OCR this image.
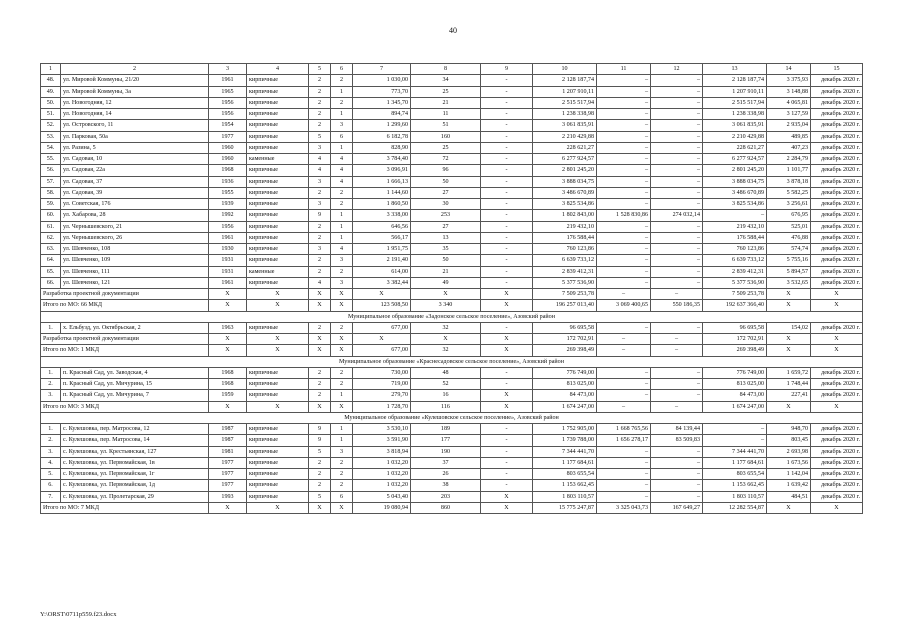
40
1	2	3	4	5	6	7	8	9	10	11	12	13	14	15
48.	ул. Мировой Коммуны, 21/20	1961	кирпичные	2	2	1 030,00	34	-	2 128 187,74	–	–	2 128 187,74	3 375,93	декабрь 2020 г.
49.	ул. Мировой Коммуны, 3а	1965	кирпичные	2	1	773,70	25	-	1 207 910,11	–	–	1 207 910,11	3 148,88	декабрь 2020 г.
50.	ул. Новогодняя, 12	1956	кирпичные	2	2	1 345,70	21	-	2 515 517,94	–	–	2 515 517,94	4 065,81	декабрь 2020 г.
51.	ул. Новогодняя, 14	1956	кирпичные	2	1	894,74	11	-	1 238 338,98	–	–	1 238 338,98	3 127,59	декабрь 2020 г.
52.	ул. Островского, 11	1954	кирпичные	2	3	1 299,60	51	-	3 061 835,91	–	–	3 061 835,91	2 935,04	декабрь 2020 г.
53.	ул. Парковая, 50а	1977	кирпичные	5	6	6 182,78	160	-	2 210 429,88	–	–	2 210 429,88	489,85	декабрь 2020 г.
54.	ул. Разина, 5	1960	кирпичные	3	1	828,90	25	-	228 621,27	–	–	228 621,27	407,23	декабрь 2020 г.
55.	ул. Садовая, 10	1960	каменные	4	4	3 784,40	72	-	6 277 924,57	–	–	6 277 924,57	2 284,79	декабрь 2020 г.
56.	ул. Садовая, 22а	1968	кирпичные	4	4	3 096,91	96	-	2 801 245,20	–	–	2 801 245,20	1 101,77	декабрь 2020 г.
57.	ул. Садовая, 37	1936	кирпичные	3	4	1 666,13	50	-	3 888 034,75	–	–	3 888 034,75	3 878,18	декабрь 2020 г.
58.	ул. Садовая, 39	1955	кирпичные	2	2	1 144,60	27	-	3 486 670,89	–	–	3 486 670,89	5 582,25	декабрь 2020 г.
59.	ул. Советская, 176	1939	кирпичные	3	2	1 860,50	30	-	3 825 534,86	–	–	3 825 534,86	3 256,61	декабрь 2020 г.
60.	ул. Хабарова, 28	1992	кирпичные	9	1	3 338,00	253	-	1 802 843,00	1 528 830,86	274 032,14	–	676,95	декабрь 2020 г.
61.	ул. Чернышевского, 21	1956	кирпичные	2	1	646,56	27	-	219 432,10	–	–	219 432,10	525,01	декабрь 2020 г.
62.	ул. Чернышевского, 26	1961	кирпичные	2	1	566,17	13	-	176 588,44	–	–	176 588,44	476,88	декабрь 2020 г.
63.	ул. Шевченко, 108	1930	кирпичные	3	4	1 951,75	35	-	760 123,86	–	–	760 123,86	574,74	декабрь 2020 г.
64.	ул. Шевченко, 109	1931	кирпичные	2	3	2 191,40	50	-	6 639 733,12	–	–	6 639 733,12	5 755,16	декабрь 2020 г.
65.	ул. Шевченко, 111	1931	каменные	2	2	614,00	21	-	2 839 412,31	–	–	2 839 412,31	5 894,57	декабрь 2020 г.
66.	ул. Шевченко, 121	1961	кирпичные	4	3	3 382,44	49	-	5 377 536,90	–	–	5 377 536,90	3 532,65	декабрь 2020 г.
Разработка проектной документации		X	X	X	X	X	X	X	7 509 253,78	–	–	7 509 253,78	X	X
Итого по МО: 66 МКД		X	X	X	X	123 508,50	3 340	X	196 257 013,40	3 069 400,65	550 186,35	192 637 366,40	X	X
Муниципальное образование «Задонское сельское поселение», Азовский район														
1.	х. Ельбузд, ул. Октябрьская, 2	1963	кирпичные	2	2	677,00	32	-	96 695,58	–	–	96 695,58	154,02	декабрь 2020 г.
Разработка проектной документации		X	X	X	X	X	X	X	172 702,91	–	–	172 702,91	X	X
Итого по МО: 1 МКД		X	X	X	X	677,00	32	X	269 398,49	–	–	269 398,49	X	X
Муниципальное образование «Краснесадовское сельское поселение», Азовский район														
1.	п. Красный Сад, ул. Заводская, 4	1968	кирпичные	2	2	730,00	48	-	776 749,00	–	–	776 749,00	1 659,72	декабрь 2020 г.
2.	п. Красный Сад, ул. Мичурина, 15	1968	кирпичные	2	2	719,00	52	-	813 025,00	–	–	813 025,00	1 748,44	декабрь 2020 г.
3.	п. Красный Сад, ул. Мичурина, 7	1959	кирпичные	2	1	279,70	16	X	84 473,00	–	–	84 473,00	227,41	декабрь 2020 г.
Итого по МО: 3 МКД		X	X	X	X	1 728,70	116	X	1 674 247,00	–	–	1 674 247,00	X	X
Муниципальное образование «Кулешовское сельское поселение», Азовский район														
1.	с. Кулешовка, пер. Матросова, 12	1987	кирпичные	9	1	3 530,10	189	-	1 752 905,00	1 668 765,56	84 139,44	–	948,70	декабрь 2020 г.
2.	с. Кулешовка, пер. Матросова, 14	1987	кирпичные	9	1	3 591,90	177	-	1 739 788,00	1 656 278,17	83 509,83	–	803,45	декабрь 2020 г.
3.	с. Кулешовка, ул. Крестьянская, 127	1981	кирпичные	5	3	3 818,94	190	-	7 344 441,70	–	–	7 344 441,70	2 693,98	декабрь 2020 г.
4.	с. Кулешовка, ул. Первомайская, 1в	1977	кирпичные	2	2	1 032,20	37	-	1 177 684,61	–	–	1 177 684,61	1 673,56	декабрь 2020 г.
5.	с. Кулешовка, ул. Первомайская, 1г	1977	кирпичные	2	2	1 032,20	26	-	803 655,54	–	–	803 655,54	1 142,04	декабрь 2020 г.
6.	с. Кулешовка, ул. Первомайская, 1д	1977	кирпичные	2	2	1 032,20	38	-	1 153 662,45	–	–	1 153 662,45	1 639,42	декабрь 2020 г.
7.	с. Кулешовка, ул. Пролетарская, 29	1993	кирпичные	5	6	5 043,40	203	X	1 803 110,57	–	–	1 803 110,57	484,51	декабрь 2020 г.
Итого по МО: 7 МКД		X	X	X	X	19 080,94	860	X	15 775 247,87	3 325 043,73	167 649,27	12 282 554,87	X	X
Y:\ORST\0711p559.f23.docx
